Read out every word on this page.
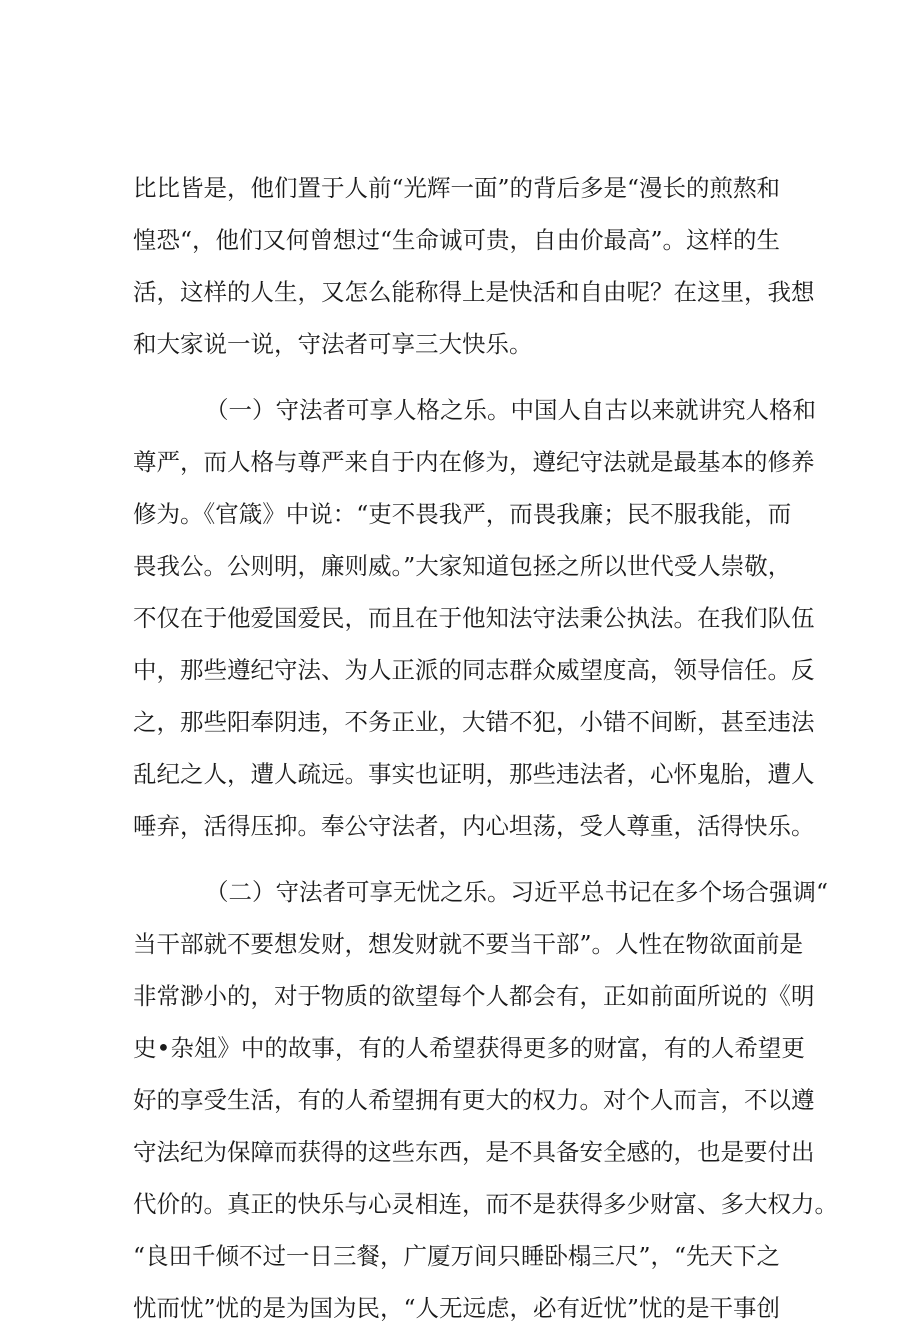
比比皆是，他们置于人前“光辉一面”的背后多是“漫长的煎熬和
惶恐“，他们又何曾想过“生命诚可贵，自由价最高”。这样的生
活，这样的人生，又怎么能称得上是快活和自由呢？在这里，我想
和大家说一说，守法者可享三大快乐。
（一）守法者可享人格之乐。中国人自古以来就讲究人格和
尊严，而人格与尊严来自于内在修为，遵纪守法就是最基本的修养
修为。《官箴》中说：“吏不畏我严，而畏我廉；民不服我能，而
畏我公。公则明，廉则威。”大家知道包拯之所以世代受人崇敬，
不仅在于他爱国爱民，而且在于他知法守法秉公执法。在我们队伍
中，那些遵纪守法、为人正派的同志群众威望度高，领导信任。反
之，那些阳奉阴违，不务正业，大错不犯，小错不间断，甚至违法
乱纪之人，遭人疏远。事实也证明，那些违法者，心怀鬼胎，遭人
唾弃，活得压抑。奉公守法者，内心坦荡，受人尊重，活得快乐。
（二）守法者可享无忧之乐。习近平总书记在多个场合强调“
当干部就不要想发财，想发财就不要当干部”。人性在物欲面前是
非常渺小的，对于物质的欲望每个人都会有，正如前面所说的《明
史•杂俎》中的故事，有的人希望获得更多的财富，有的人希望更
好的享受生活，有的人希望拥有更大的权力。对个人而言，不以遵
守法纪为保障而获得的这些东西，是不具备安全感的，也是要付出
代价的。真正的快乐与心灵相连，而不是获得多少财富、多大权力。
“良田千倾不过一日三餐，广厦万间只睡卧榻三尺”，“先天下之
忧而忧”忧的是为国为民，“人无远虑，必有近忧”忧的是干事创
